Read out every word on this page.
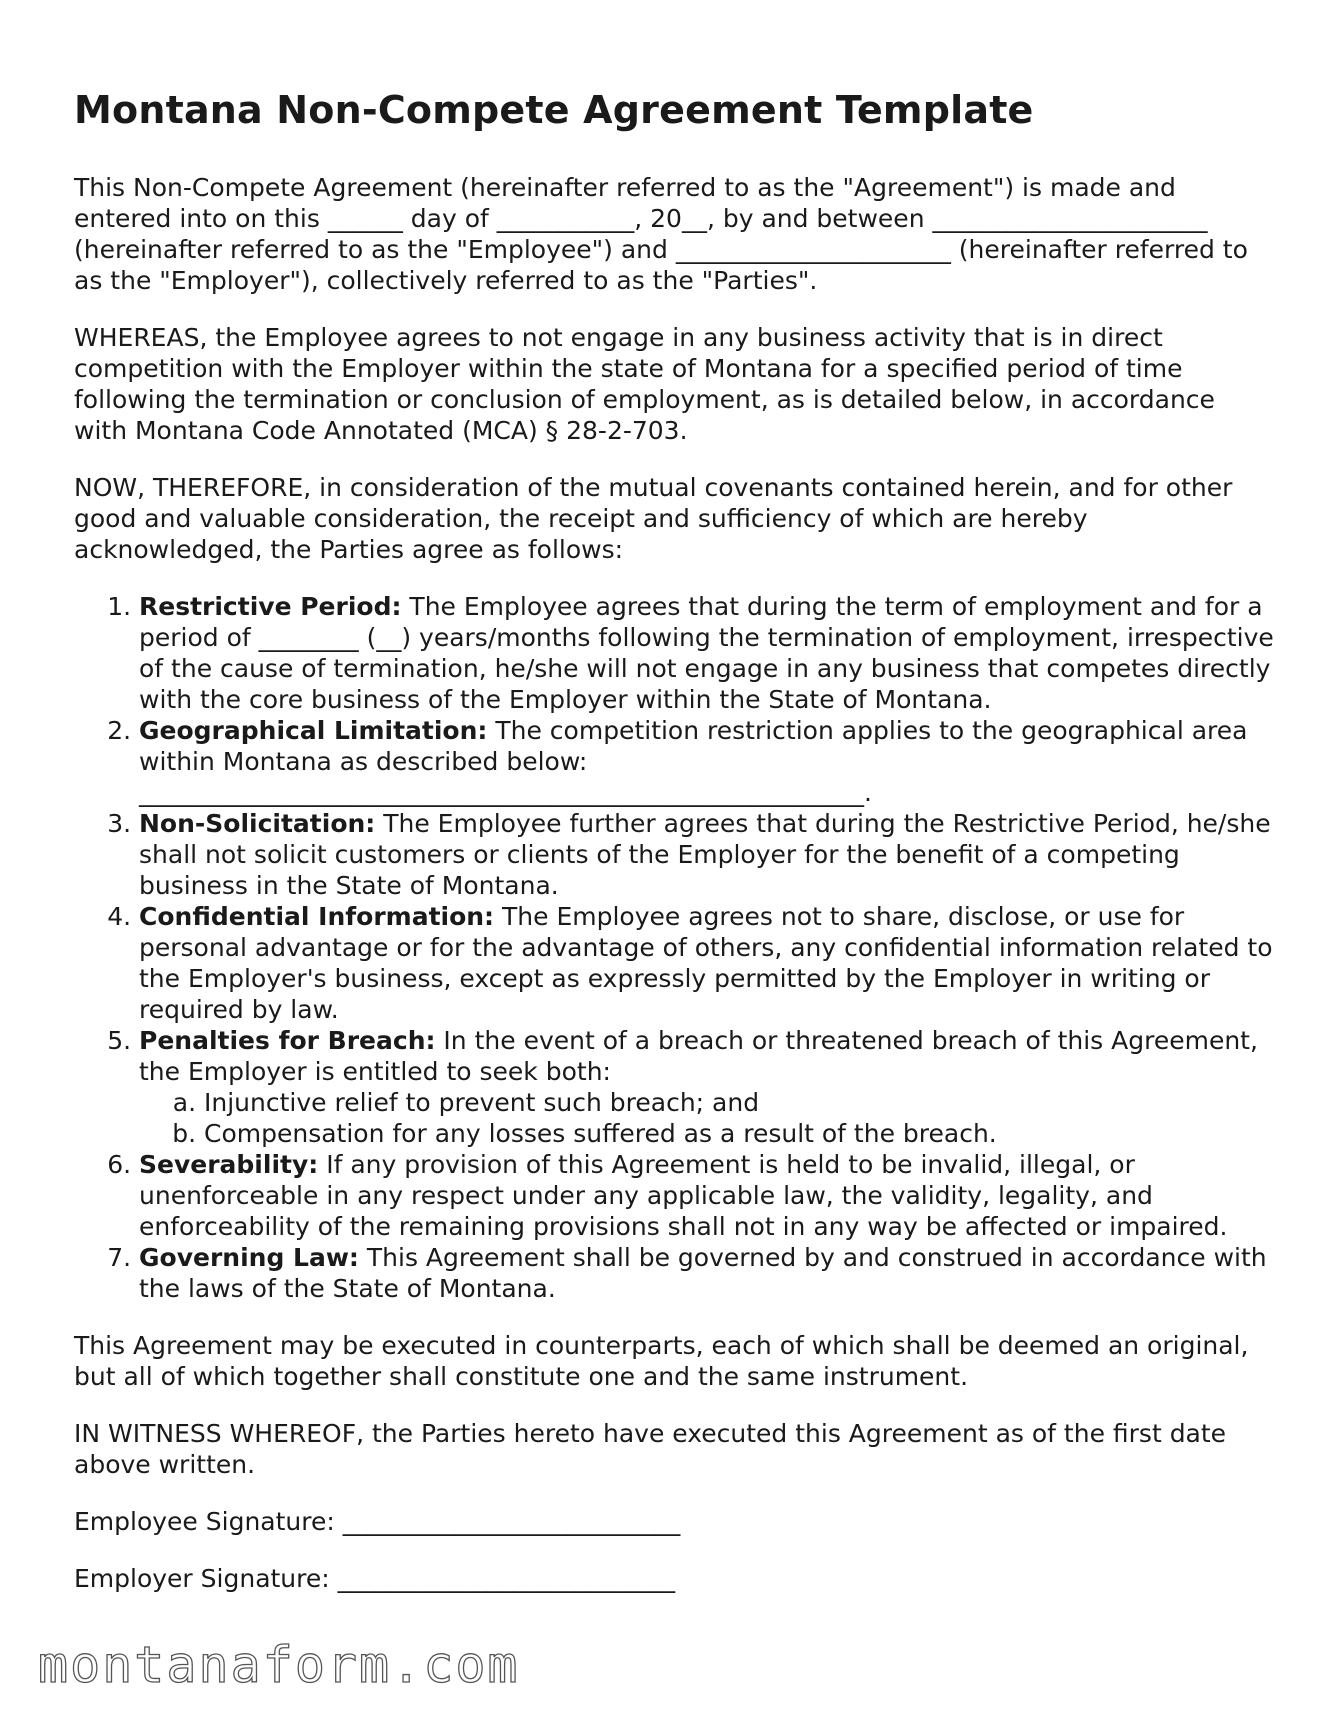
Montana Non-Compete Agreement Template

This Non-Compete Agreement (hereinafter referred to as the "Agreement") is made and entered into on this ______ day of ___________, 20__, by and between ______________________ (hereinafter referred to as the "Employee") and ______________________ (hereinafter referred to as the "Employer"), collectively referred to as the "Parties".

WHEREAS, the Employee agrees to not engage in any business activity that is in direct competition with the Employer within the state of Montana for a specified period of time following the termination or conclusion of employment, as is detailed below, in accordance with Montana Code Annotated (MCA) § 28-2-703.

NOW, THEREFORE, in consideration of the mutual covenants contained herein, and for other good and valuable consideration, the receipt and sufficiency of which are hereby acknowledged, the Parties agree as follows:

1. Restrictive Period: The Employee agrees that during the term of employment and for a period of ________ (__) years/months following the termination of employment, irrespective of the cause of termination, he/she will not engage in any business that competes directly with the core business of the Employer within the State of Montana.
2. Geographical Limitation: The competition restriction applies to the geographical area within Montana as described below: __________________________________________________________.
3. Non-Solicitation: The Employee further agrees that during the Restrictive Period, he/she shall not solicit customers or clients of the Employer for the benefit of a competing business in the State of Montana.
4. Confidential Information: The Employee agrees not to share, disclose, or use for personal advantage or for the advantage of others, any confidential information related to the Employer's business, except as expressly permitted by the Employer in writing or required by law.
5. Penalties for Breach: In the event of a breach or threatened breach of this Agreement, the Employer is entitled to seek both:
a. Injunctive relief to prevent such breach; and
b. Compensation for any losses suffered as a result of the breach.
6. Severability: If any provision of this Agreement is held to be invalid, illegal, or unenforceable in any respect under any applicable law, the validity, legality, and enforceability of the remaining provisions shall not in any way be affected or impaired.
7. Governing Law: This Agreement shall be governed by and construed in accordance with the laws of the State of Montana.

This Agreement may be executed in counterparts, each of which shall be deemed an original, but all of which together shall constitute one and the same instrument.

IN WITNESS WHEREOF, the Parties hereto have executed this Agreement as of the first date above written.

Employee Signature: ___________________________

Employer Signature: ___________________________

montanaform.com
